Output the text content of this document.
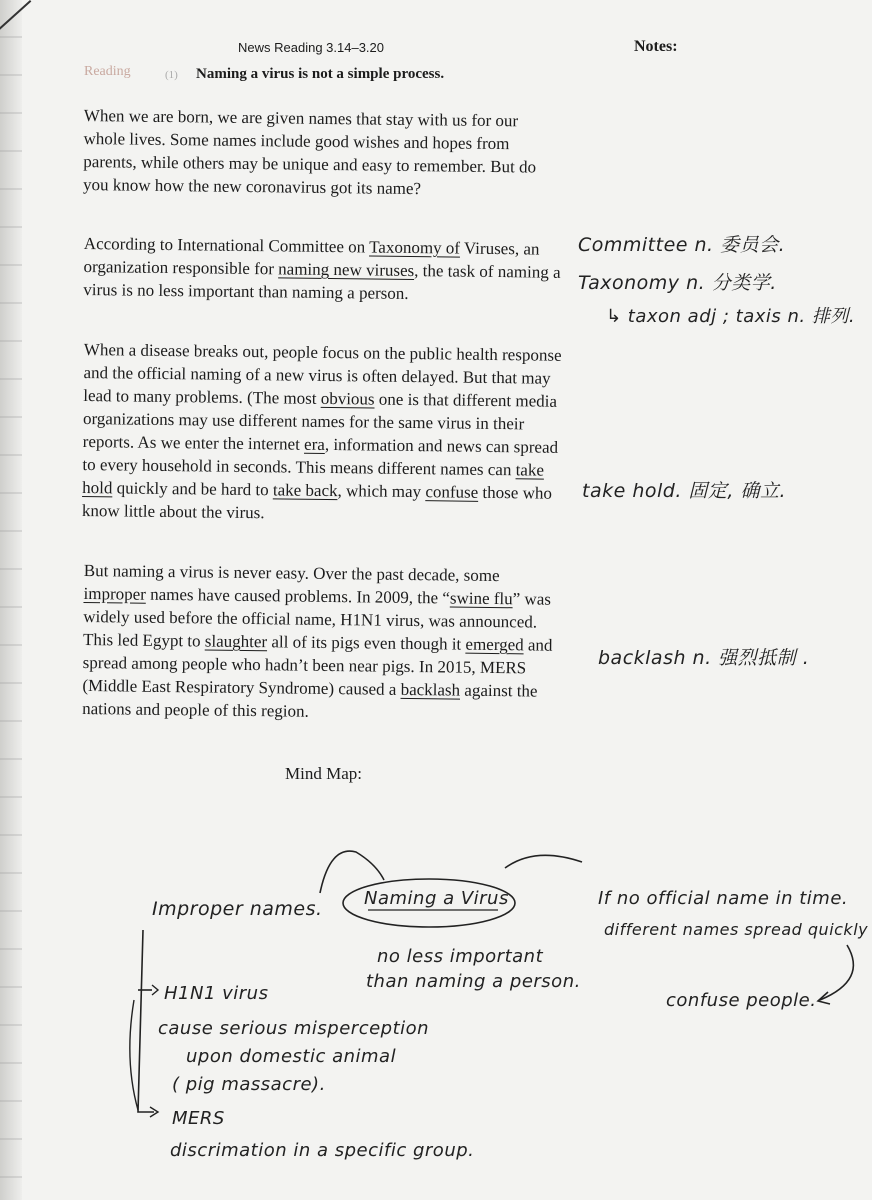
News Reading 3.14–3.20	Notes:
Reading	(1) Naming a virus is not a simple process.
When we are born, we are given names that stay with us for our whole lives. Some names include good wishes and hopes from parents, while others may be unique and easy to remember. But do you know how the new coronavirus got its name?
According to International Committee on Taxonomy of Viruses, an organization responsible for naming new viruses, the task of naming a virus is no less important than naming a person.
When a disease breaks out, people focus on the public health response and the official naming of a new virus is often delayed. But that may lead to many problems. (The most obvious one is that different media organizations may use different names for the same virus in their reports. As we enter the internet era, information and news can spread to every household in seconds. This means different names can take hold quickly and be hard to take back, which may confuse those who know little about the virus.
But naming a virus is never easy. Over the past decade, some improper names have caused problems. In 2009, the “swine flu” was widely used before the official name, H1N1 virus, was announced. This led Egypt to slaughter all of its pigs even though it emerged and spread among people who hadn’t been near pigs. In 2015, MERS (Middle East Respiratory Syndrome) caused a backlash against the nations and people of this region.
Committee n. 委员会.
Taxonomy n. 分类学.
↳ taxon adj ; taxis n. 排列.
take hold. 固定, 确立.
backlash n. 强烈抵制 .
Mind Map:
Naming a Virus
no less important
than naming a person.
Improper names.
H1N1 virus
cause serious misperception
upon domestic animal
( pig massacre).
MERS
discrimation in a specific group.
If no official name in time.
different names spread quickly
confuse people.
